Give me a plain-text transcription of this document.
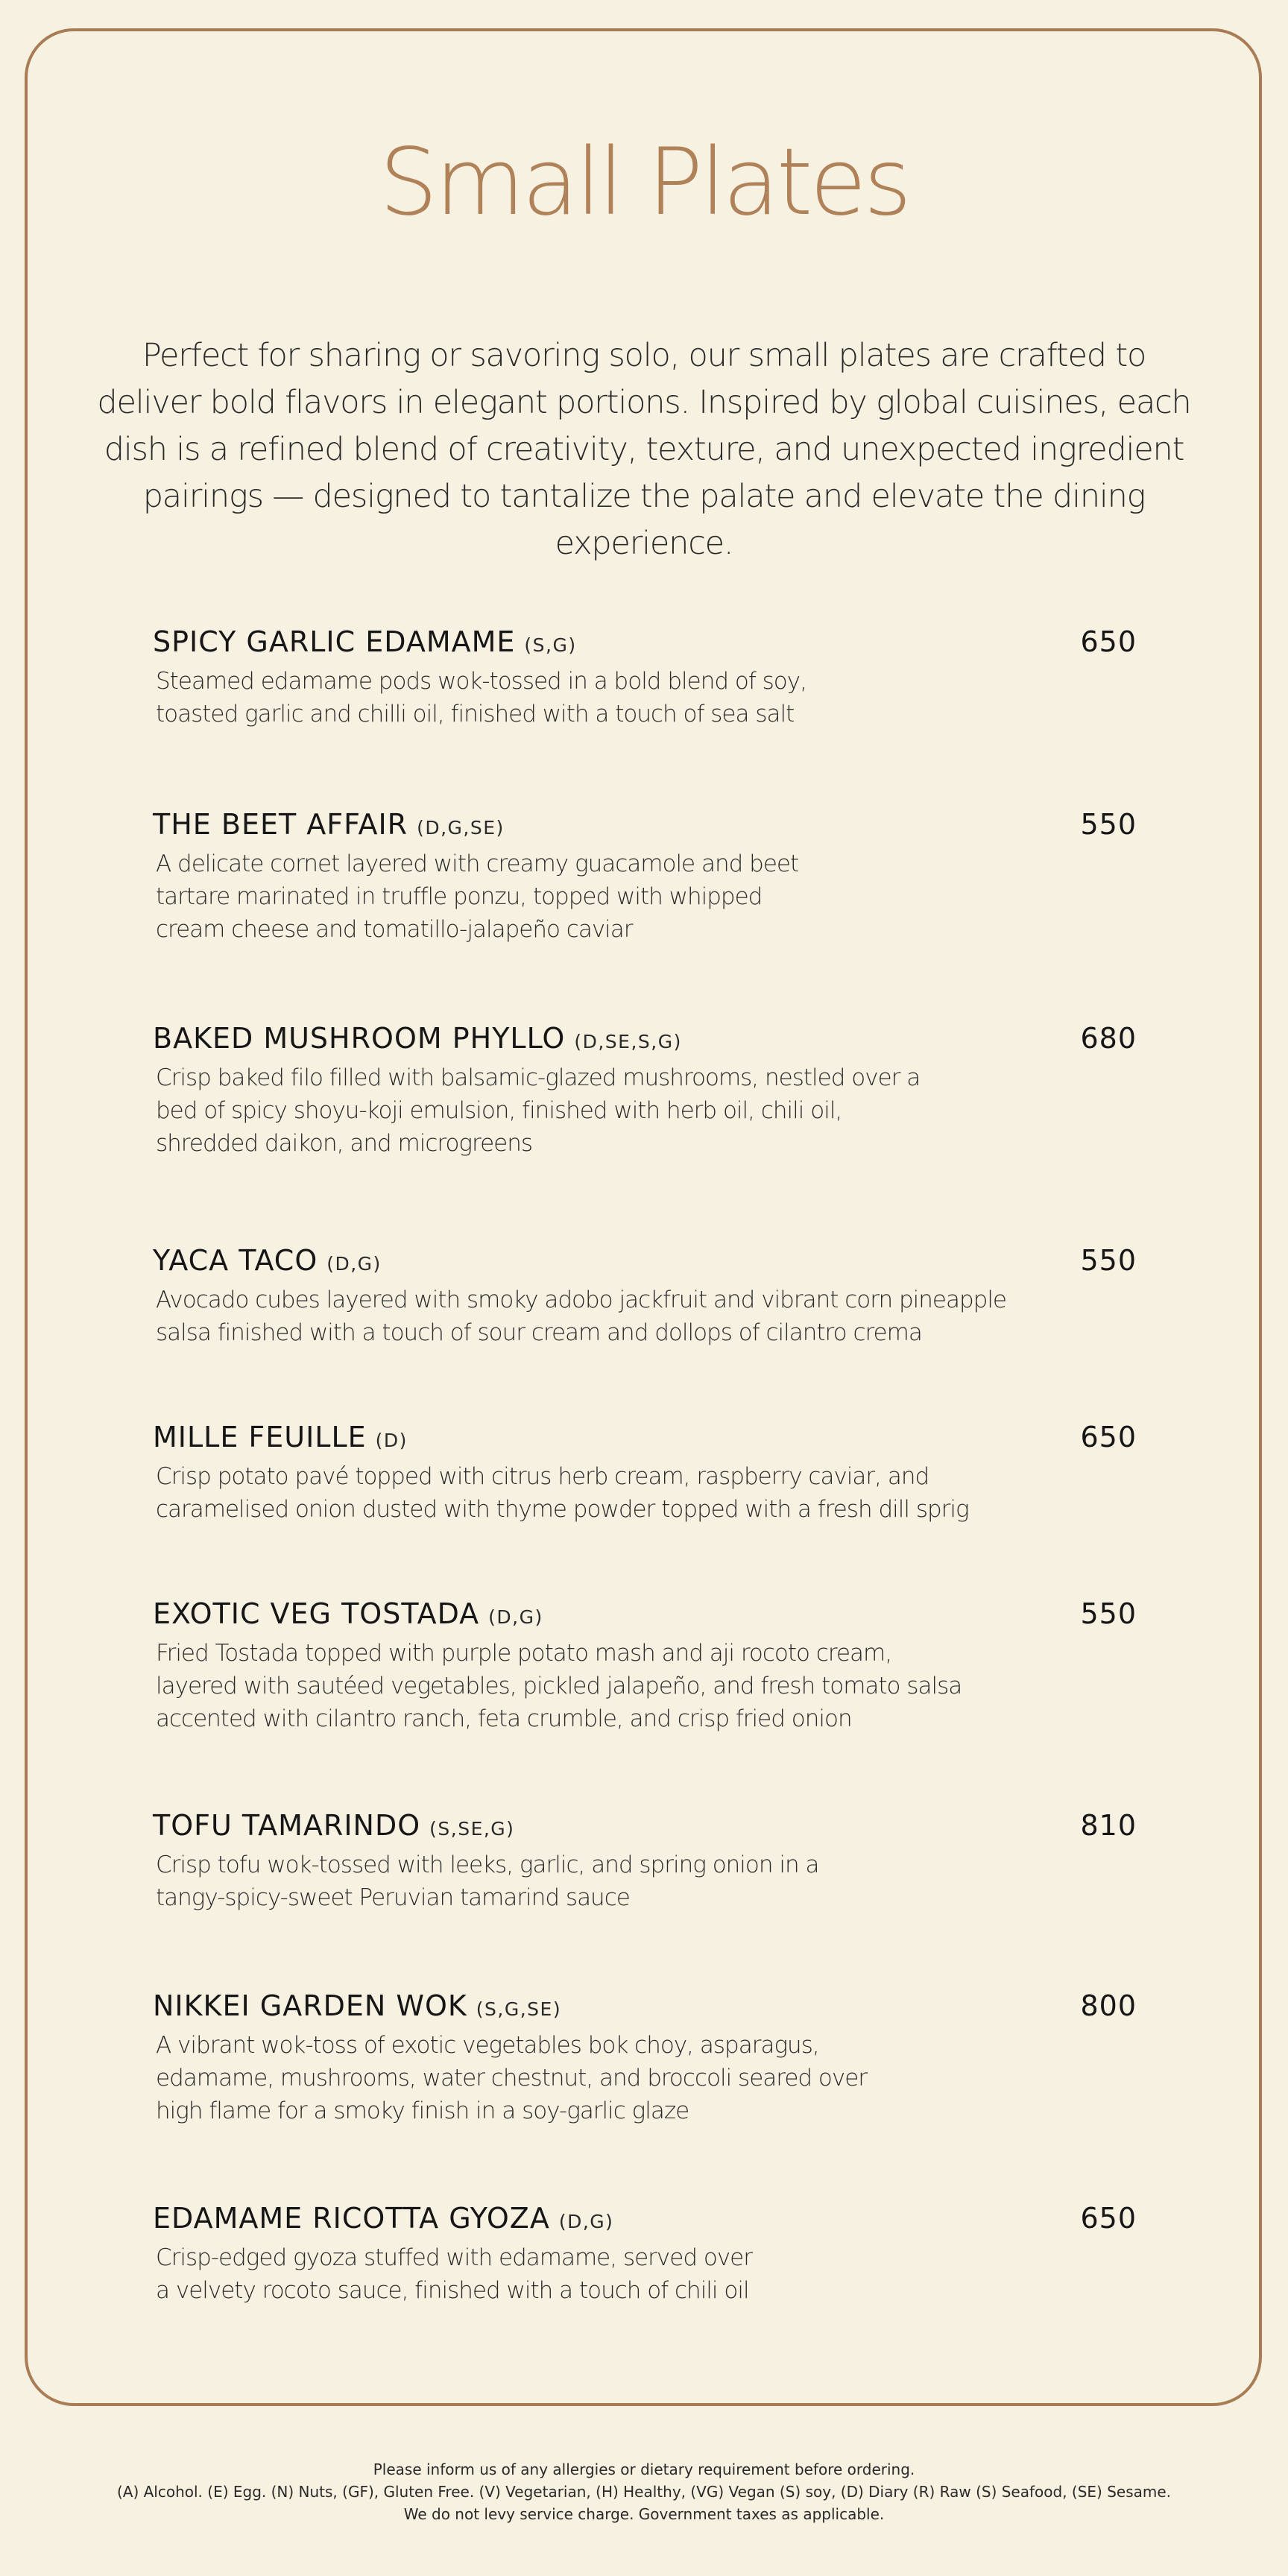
Small Plates

Perfect for sharing or savoring solo, our small plates are crafted to deliver bold flavors in elegant portions. Inspired by global cuisines, each dish is a refined blend of creativity, texture, and unexpected ingredient pairings — designed to tantalize the palate and elevate the dining experience.

SPICY GARLIC EDAMAME (S,G)	650

Steamed edamame pods wok-tossed in a bold blend of soy,
toasted garlic and chilli oil, finished with a touch of sea salt

THE BEET AFFAIR (D,G,SE)	550

A delicate cornet layered with creamy guacamole and beet
tartare marinated in truffle ponzu, topped with whipped
cream cheese and tomatillo-jalapeño caviar

BAKED MUSHROOM PHYLLO (D,SE,S,G)	680

Crisp baked filo filled with balsamic-glazed mushrooms, nestled over a
bed of spicy shoyu-koji emulsion, finished with herb oil, chili oil,
shredded daikon, and microgreens

YACA TACO (D,G)	550

Avocado cubes layered with smoky adobo jackfruit and vibrant corn pineapple
salsa finished with a touch of sour cream and dollops of cilantro crema

MILLE FEUILLE (D)	650

Crisp potato pavé topped with citrus herb cream, raspberry caviar, and
caramelised onion dusted with thyme powder topped with a fresh dill sprig

EXOTIC VEG TOSTADA (D,G)	550

Fried Tostada topped with purple potato mash and aji rocoto cream,
layered with sautéed vegetables, pickled jalapeño, and fresh tomato salsa
accented with cilantro ranch, feta crumble, and crisp fried onion

TOFU TAMARINDO (S,SE,G)	810

Crisp tofu wok-tossed with leeks, garlic, and spring onion in a
tangy-spicy-sweet Peruvian tamarind sauce

NIKKEI GARDEN WOK (S,G,SE)	800

A vibrant wok-toss of exotic vegetables bok choy, asparagus,
edamame, mushrooms, water chestnut, and broccoli seared over
high flame for a smoky finish in a soy-garlic glaze

EDAMAME RICOTTA GYOZA (D,G)	650

Crisp-edged gyoza stuffed with edamame, served over
a velvety rocoto sauce, finished with a touch of chili oil

Please inform us of any allergies or dietary requirement before ordering.
(A) Alcohol. (E) Egg. (N) Nuts, (GF), Gluten Free. (V) Vegetarian, (H) Healthy, (VG) Vegan (S) soy, (D) Diary (R) Raw (S) Seafood, (SE) Sesame.
We do not levy service charge. Government taxes as applicable.
